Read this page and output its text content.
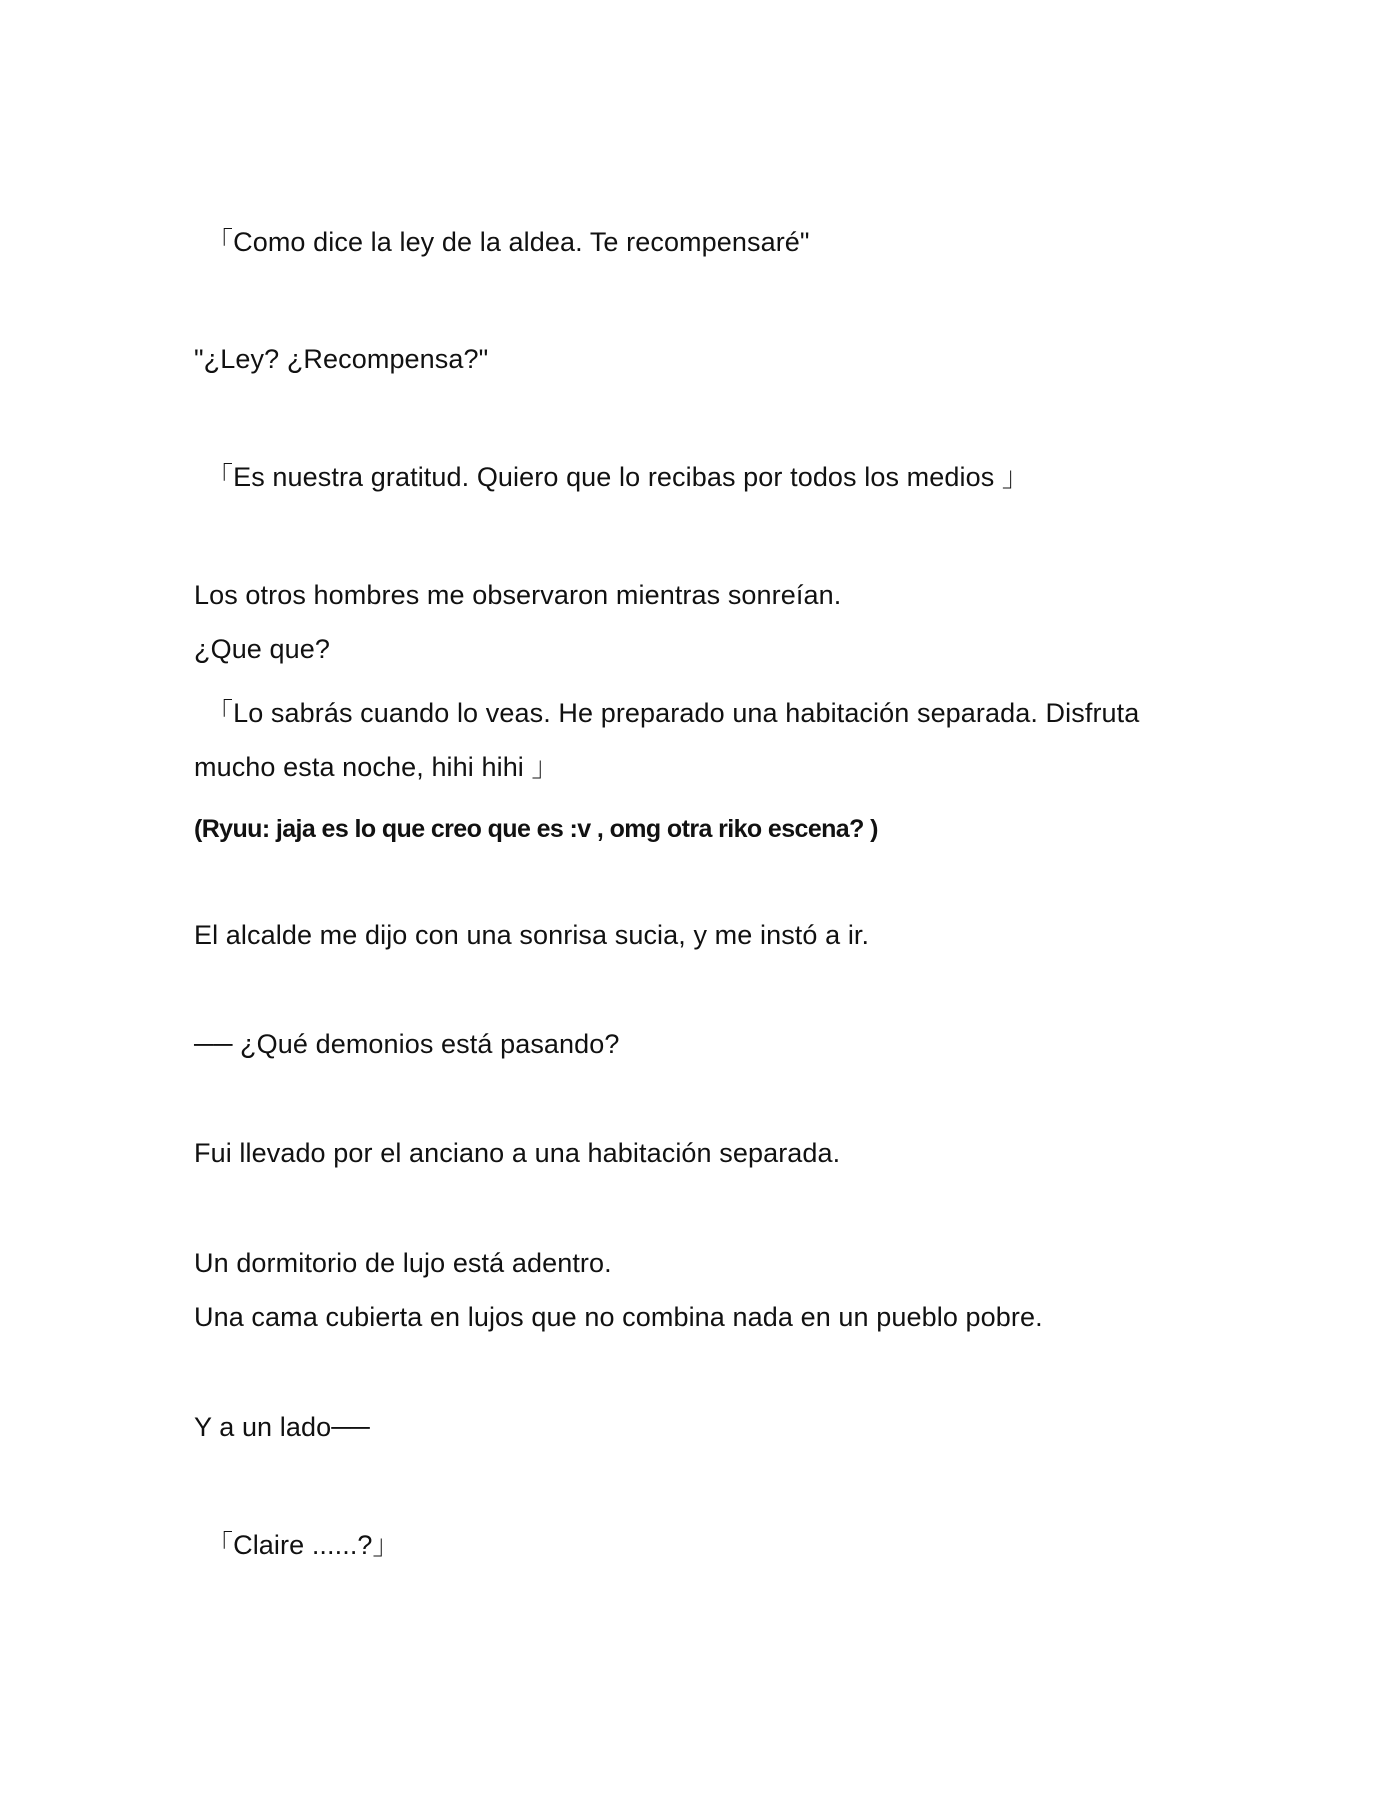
「Como dice la ley de la aldea. Te recompensaré"
"¿Ley? ¿Recompensa?"
「Es nuestra gratitud. Quiero que lo recibas por todos los medios 」
Los otros hombres me observaron mientras sonreían.
¿Que que?
「Lo sabrás cuando lo veas. He preparado una habitación separada. Disfruta
mucho esta noche, hihi hihi 」
(Ryuu: jaja es lo que creo que es :v , omg otra riko escena? )
El alcalde me dijo con una sonrisa sucia, y me instó a ir.
── ¿Qué demonios está pasando?
Fui llevado por el anciano a una habitación separada.
Un dormitorio de lujo está adentro.
Una cama cubierta en lujos que no combina nada en un pueblo pobre.
Y a un lado──
「Claire ......?」
